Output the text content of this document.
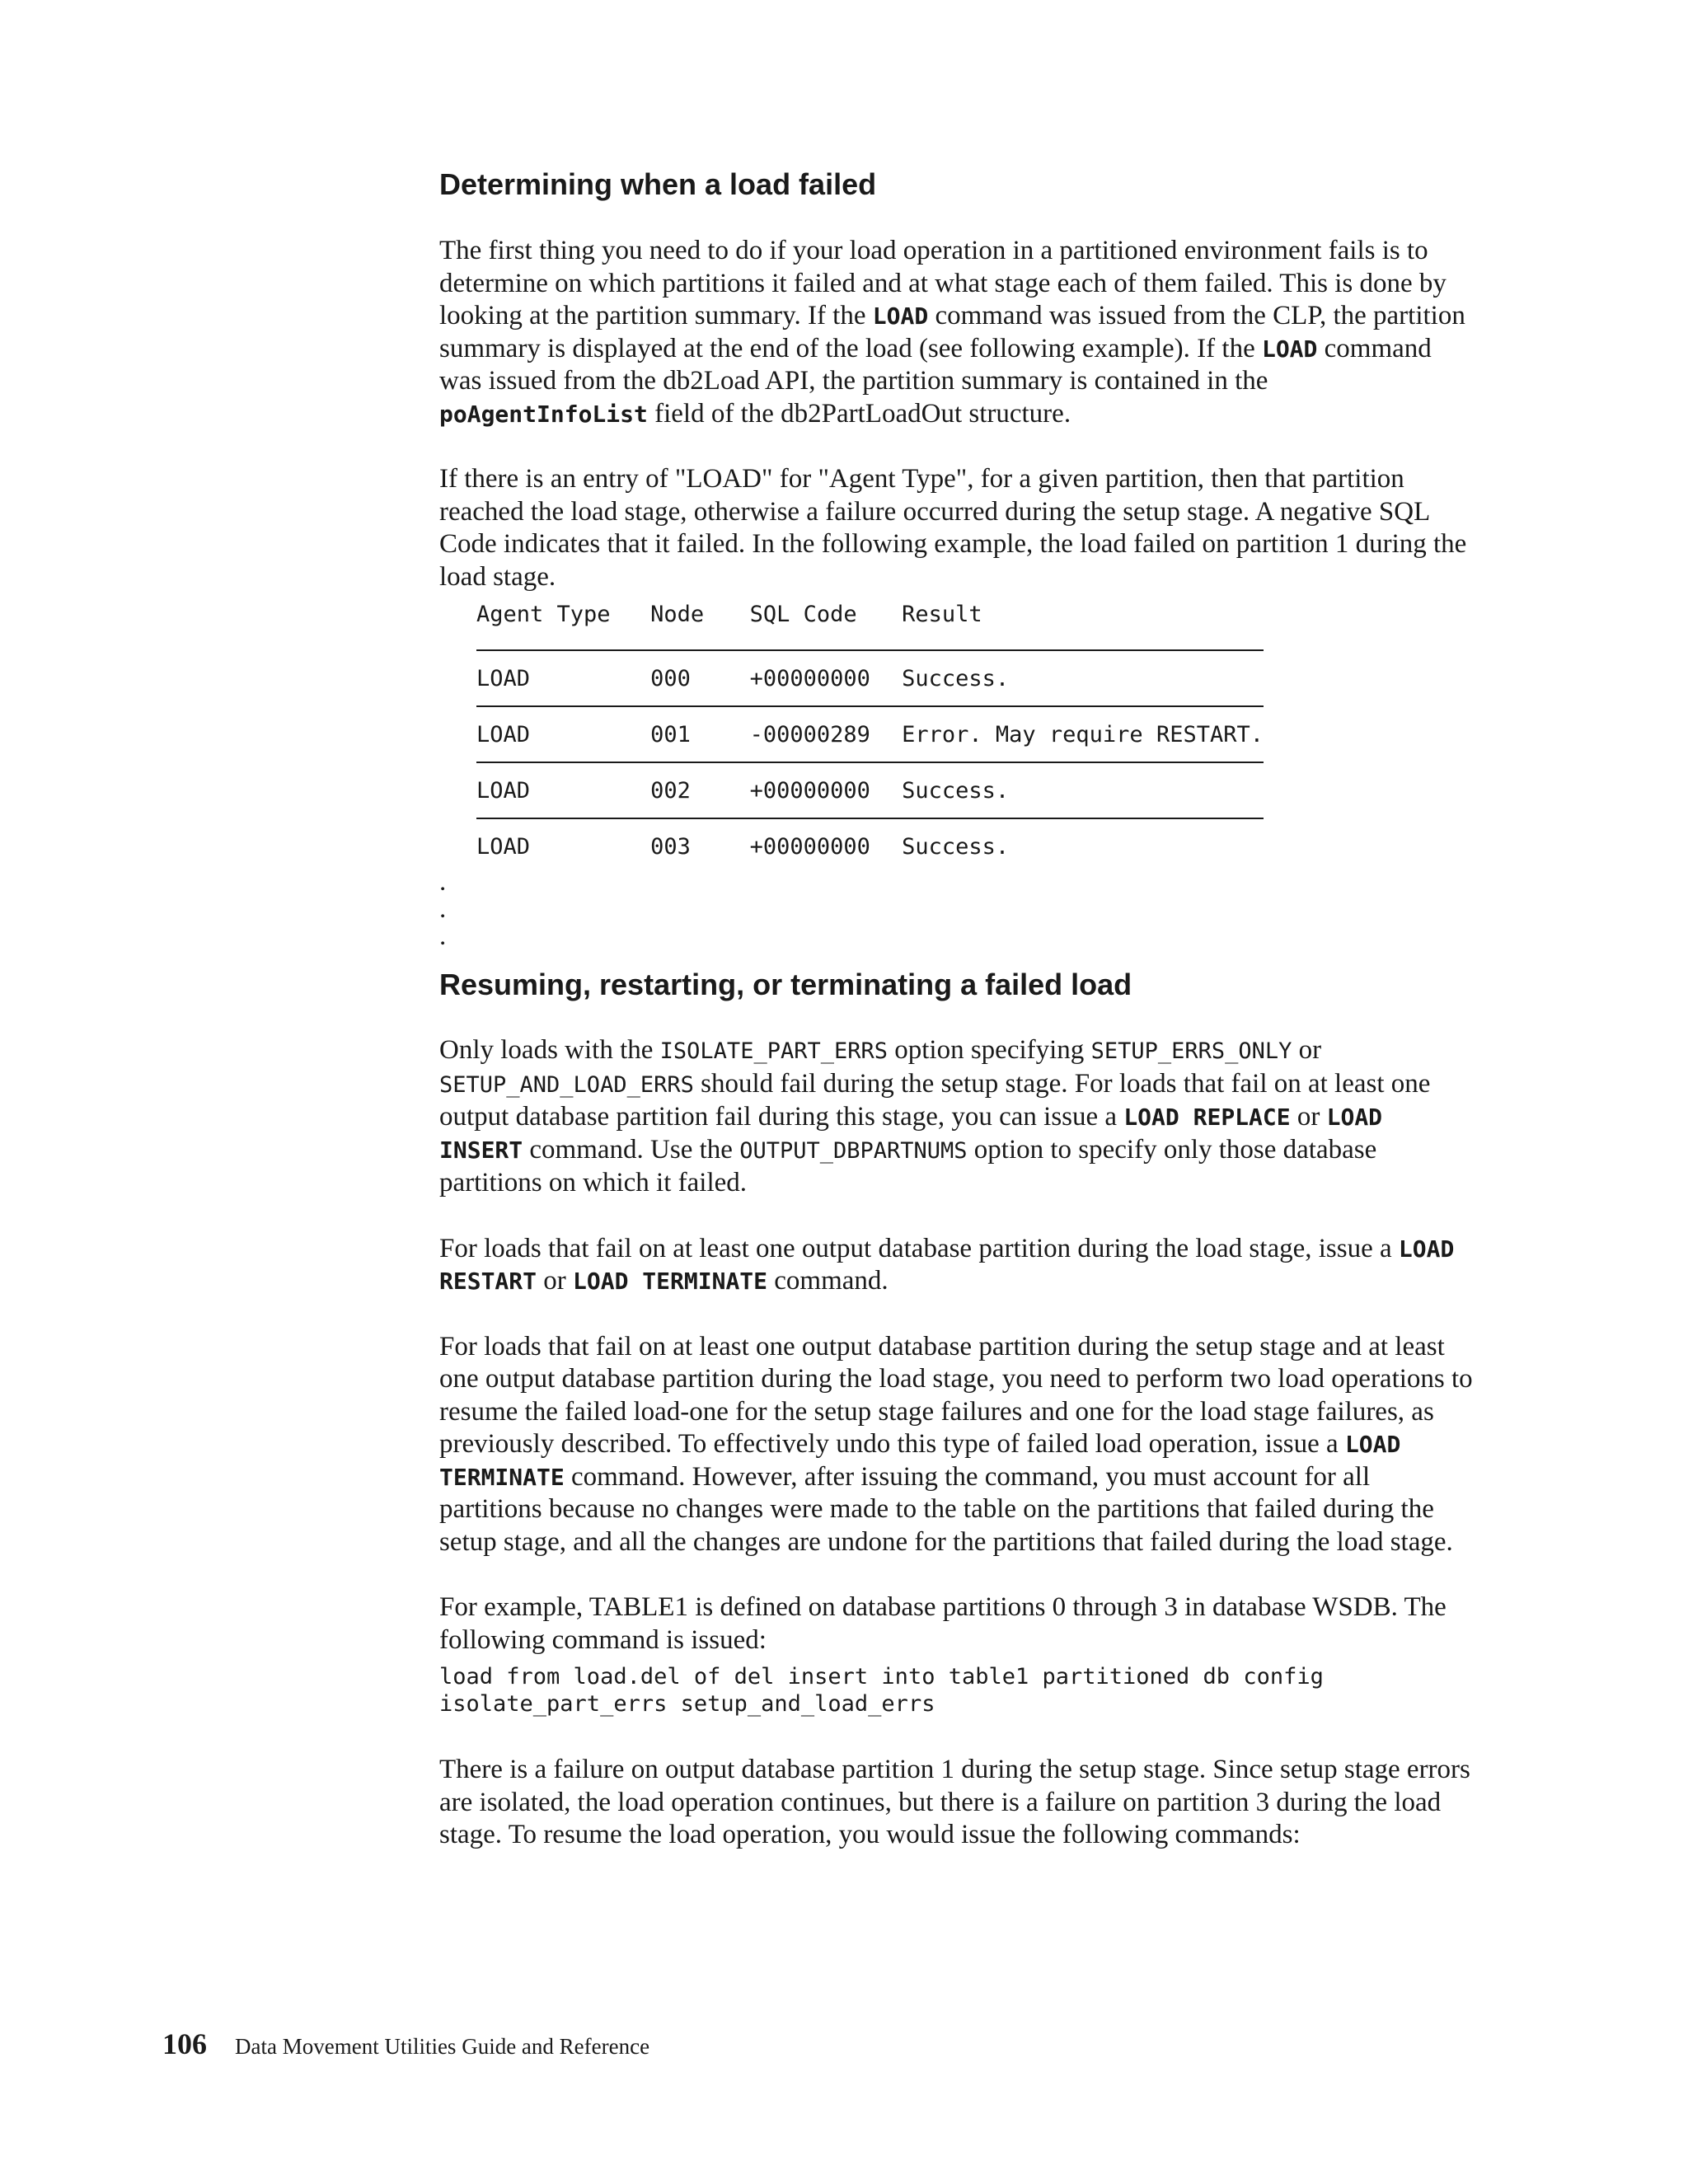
Determining when a load failed

The first thing you need to do if your load operation in a partitioned environment fails is to determine on which partitions it failed and at what stage each of them failed. This is done by looking at the partition summary. If the LOAD command was issued from the CLP, the partition summary is displayed at the end of the load (see following example). If the LOAD command was issued from the db2Load API, the partition summary is contained in the poAgentInfoList field of the db2PartLoadOut structure.

If there is an entry of "LOAD" for "Agent Type", for a given partition, then that partition reached the load stage, otherwise a failure occurred during the setup stage. A negative SQL Code indicates that it failed. In the following example, the load failed on partition 1 during the load stage.

Agent Type	Node	SQL Code	Result
LOAD	000	+00000000	Success.
LOAD	001	-00000289	Error. May require RESTART.
LOAD	002	+00000000	Success.
LOAD	003	+00000000	Success.

.

.

.

Resuming, restarting, or terminating a failed load

Only loads with the ISOLATE_PART_ERRS option specifying SETUP_ERRS_ONLY or SETUP_AND_LOAD_ERRS should fail during the setup stage. For loads that fail on at least one output database partition fail during this stage, you can issue a LOAD REPLACE or LOAD INSERT command. Use the OUTPUT_DBPARTNUMS option to specify only those database partitions on which it failed.

For loads that fail on at least one output database partition during the load stage, issue a LOAD RESTART or LOAD TERMINATE command.

For loads that fail on at least one output database partition during the setup stage and at least one output database partition during the load stage, you need to perform two load operations to resume the failed load-one for the setup stage failures and one for the load stage failures, as previously described. To effectively undo this type of failed load operation, issue a LOAD TERMINATE command. However, after issuing the command, you must account for all partitions because no changes were made to the table on the partitions that failed during the setup stage, and all the changes are undone for the partitions that failed during the load stage.

For example, TABLE1 is defined on database partitions 0 through 3 in database WSDB. The following command is issued:

load from load.del of del insert into table1 partitioned db config

isolate_part_errs setup_and_load_errs

There is a failure on output database partition 1 during the setup stage. Since setup stage errors are isolated, the load operation continues, but there is a failure on partition 3 during the load stage. To resume the load operation, you would issue the following commands:

106 Data Movement Utilities Guide and Reference
